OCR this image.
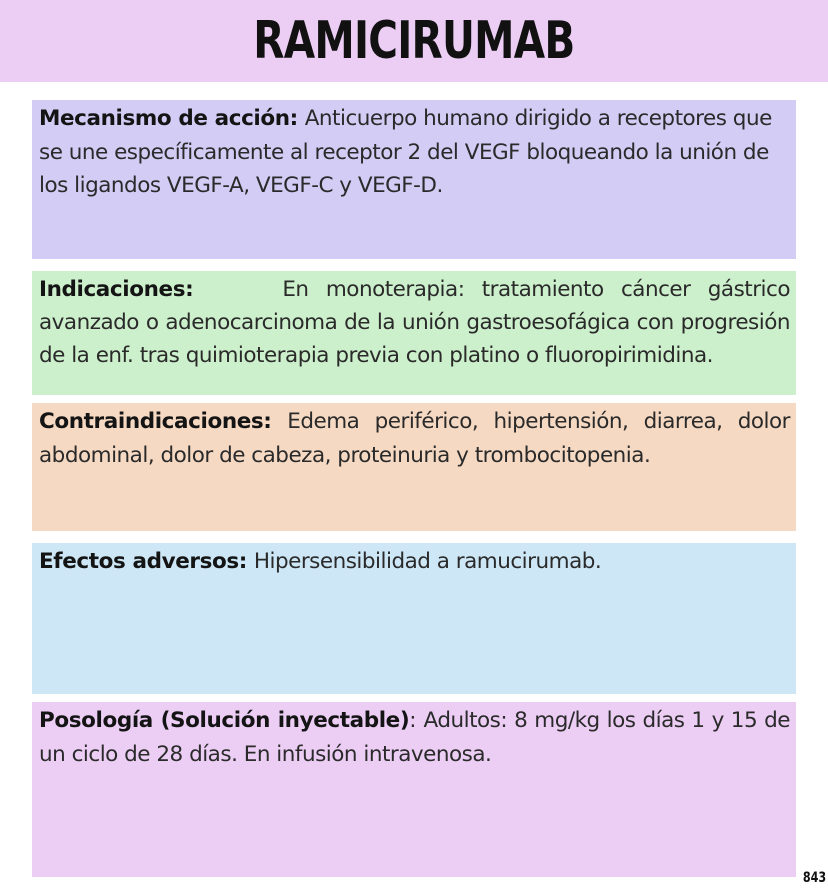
RAMICIRUMAB
Mecanismo de acción: Anticuerpo humano dirigido a receptores que se une específicamente al receptor 2 del VEGF bloqueando la unión de los ligandos VEGF-A, VEGF-C y VEGF-D.
Indicaciones:	En monoterapia: tratamiento cáncer gástrico avanzado o adenocarcinoma de la unión gastroesofágica con progresión de la enf. tras quimioterapia previa con platino o fluoropirimidina.
Contraindicaciones: Edema periférico, hipertensión, diarrea, dolor abdominal, dolor de cabeza, proteinuria y trombocitopenia.
Efectos adversos: Hipersensibilidad a ramucirumab.
Posología (Solución inyectable): Adultos: 8 mg/kg los días 1 y 15 de un ciclo de 28 días. En infusión intravenosa.
843
